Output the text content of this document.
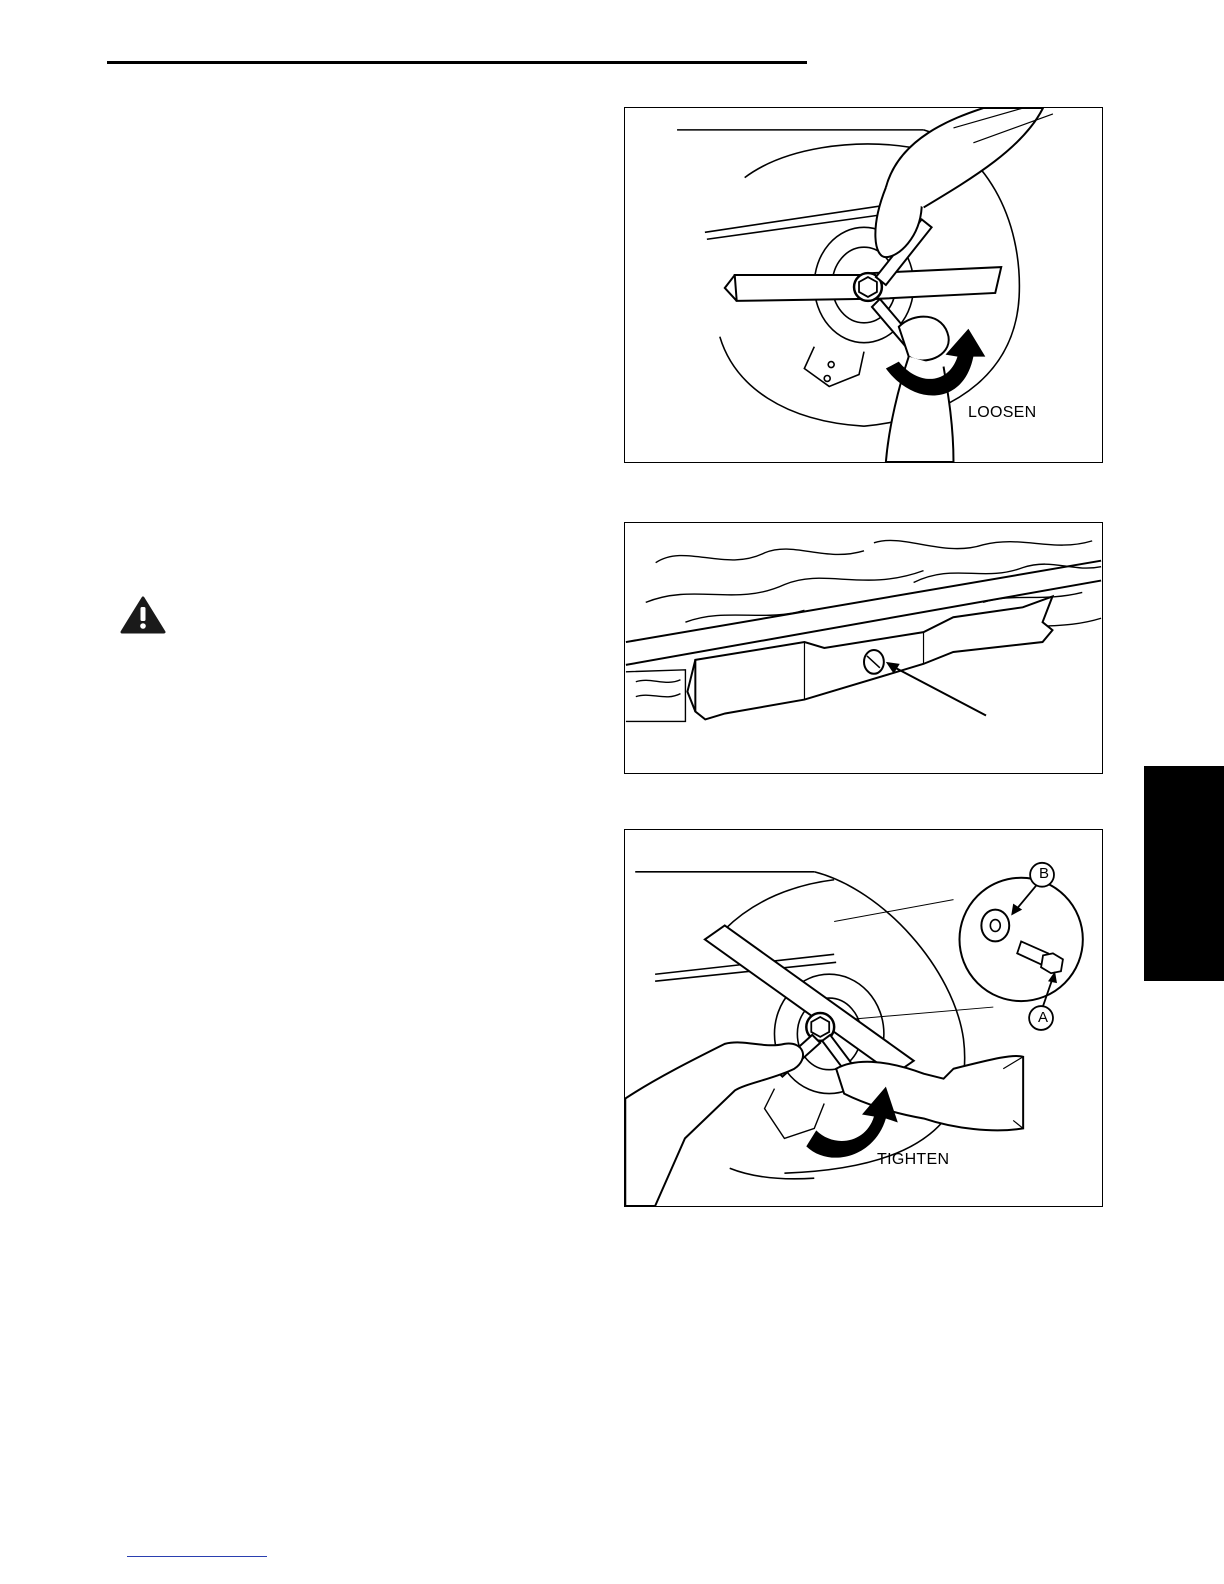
LOOSEN
B
A
TIGHTEN
